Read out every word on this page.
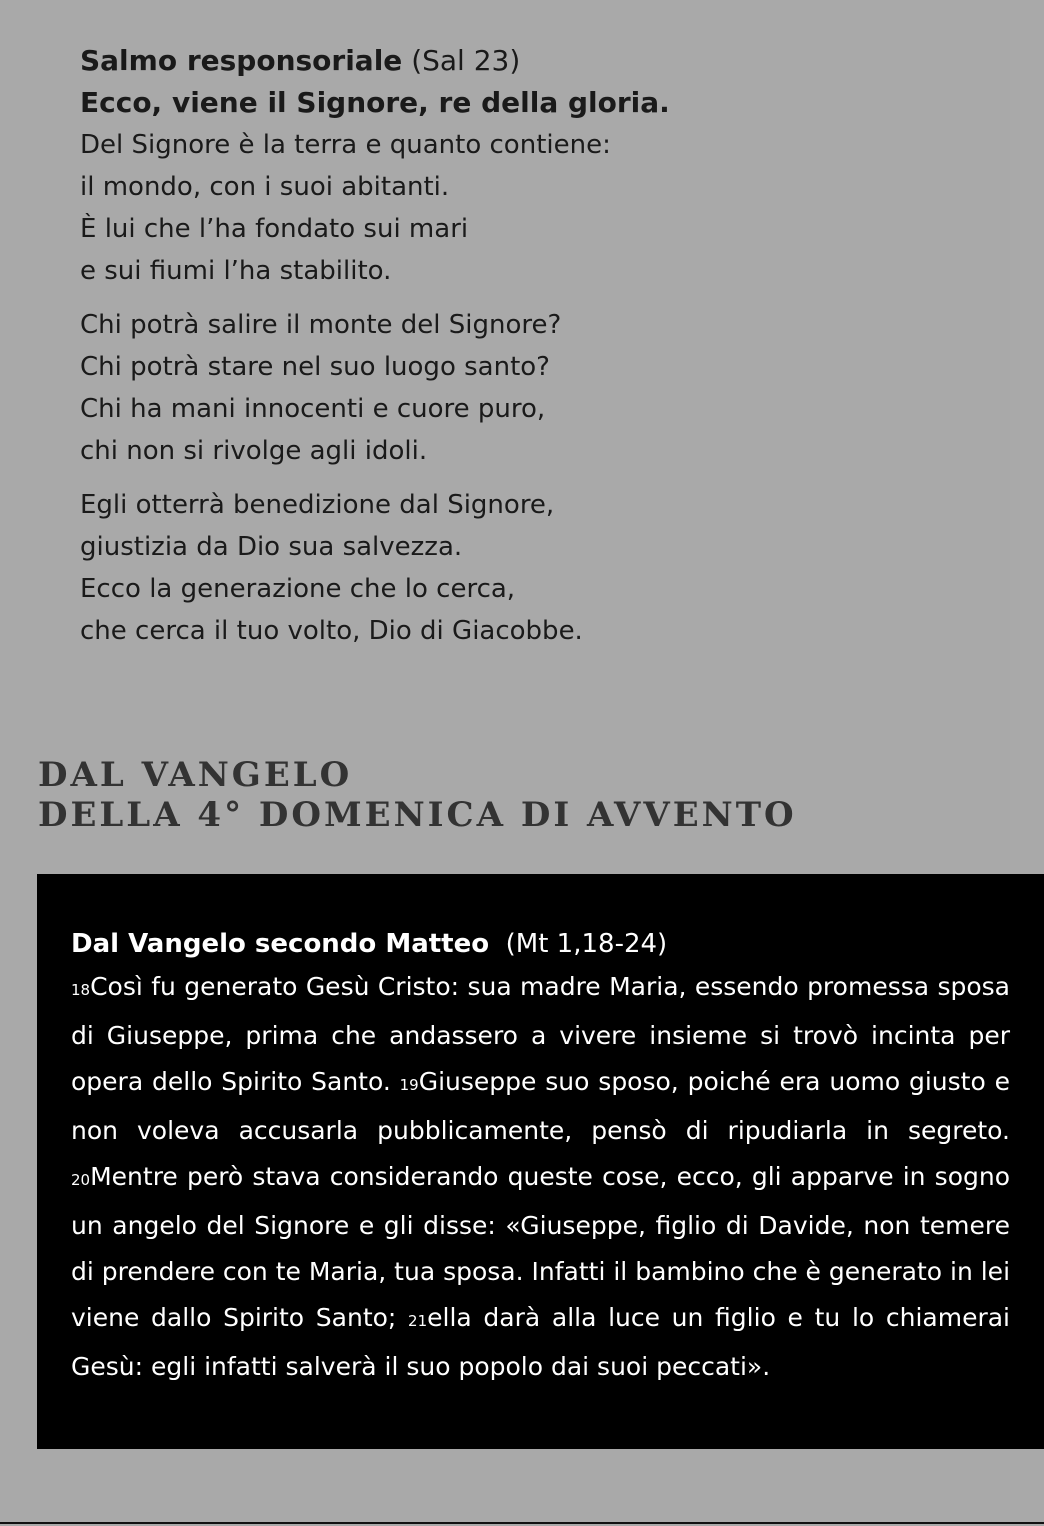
Salmo responsoriale (Sal 23)

Ecco, viene il Signore, re della gloria.

Del Signore è la terra e quanto contiene:
il mondo, con i suoi abitanti.
È lui che l’ha fondato sui mari
e sui fiumi l’ha stabilito.
Chi potrà salire il monte del Signore?
Chi potrà stare nel suo luogo santo?
Chi ha mani innocenti e cuore puro,
chi non si rivolge agli idoli.
Egli otterrà benedizione dal Signore,
giustizia da Dio sua salvezza.
Ecco la generazione che lo cerca,
che cerca il tuo volto, Dio di Giacobbe.
DAL VANGELO
DELLA 4° DOMENICA DI AVVENTO

Dal Vangelo secondo Matteo (Mt 1,18-24)

18Così fu generato Gesù Cristo: sua madre Maria, essendo promessa sposa di Giuseppe, prima che andassero a vivere insieme si trovò incinta per opera dello Spirito Santo. 19Giuseppe suo sposo, poiché era uomo giusto e non voleva accusarla pubblicamente, pensò di ripudiarla in segreto. 20Mentre però stava considerando queste cose, ecco, gli apparve in sogno un angelo del Signore e gli disse: «Giuseppe, figlio di Davide, non temere di prendere con te Maria, tua sposa. Infatti il bambino che è generato in lei viene dallo Spirito Santo; 21ella darà alla luce un figlio e tu lo chiamerai Gesù: egli infatti salverà il suo popolo dai suoi peccati».
